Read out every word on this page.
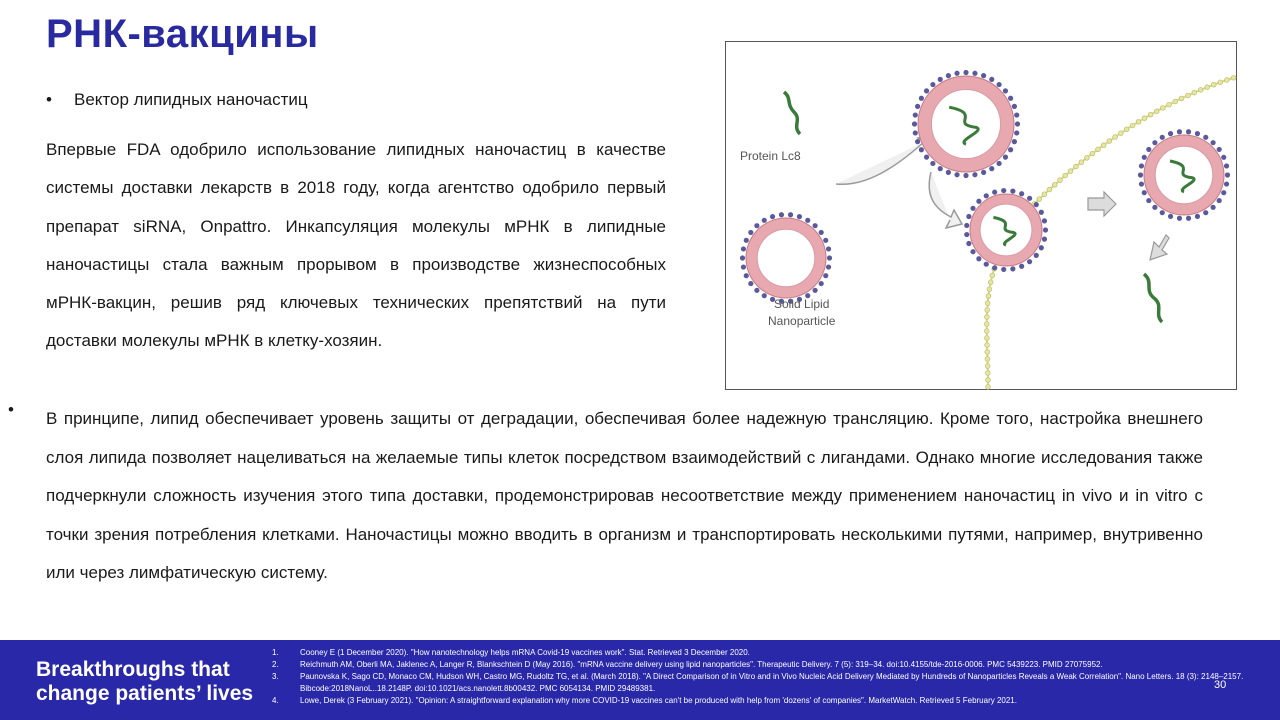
РНК-вакцины
• Вектор липидных наночастиц
Впервые FDA одобрило использование липидных наночастиц в качестве системы доставки лекарств в 2018 году, когда агентство одобрило первый препарат siRNA, Onpattro. Инкапсуляция молекулы мРНК в липидные наночастицы стала важным прорывом в производстве жизнеспособных мРНК-вакцин, решив ряд ключевых технических препятствий на пути доставки молекулы мРНК в клетку-хозяин.
Protein Lc8
Solid Lipid
Nanoparticle
• В принципе, липид обеспечивает уровень защиты от деградации, обеспечивая более надежную трансляцию. Кроме того, настройка внешнего слоя липида позволяет нацеливаться на желаемые типы клеток посредством взаимодействий с лигандами. Однако многие исследования также подчеркнули сложность изучения этого типа доставки, продемонстрировав несоответствие между применением наночастиц in vivo и in vitro с точки зрения потребления клетками. Наночастицы можно вводить в организм и транспортировать несколькими путями, например, внутривенно или через лимфатическую систему.
Breakthroughs that
change patients’ lives
1.	Cooney E (1 December 2020). "How nanotechnology helps mRNA Covid-19 vaccines work". Stat. Retrieved 3 December 2020.
2.	Reichmuth AM, Oberli MA, Jaklenec A, Langer R, Blankschtein D (May 2016). "mRNA vaccine delivery using lipid nanoparticles". Therapeutic Delivery. 7 (5): 319–34. doi:10.4155/tde-2016-0006. PMC 5439223. PMID 27075952.
3.	Paunovska K, Sago CD, Monaco CM, Hudson WH, Castro MG, Rudoltz TG, et al. (March 2018). "A Direct Comparison of in Vitro and in Vivo Nucleic Acid Delivery Mediated by Hundreds of Nanoparticles Reveals a Weak Correlation". Nano Letters. 18 (3): 2148–2157. Bibcode:2018NanoL..18.2148P. doi:10.1021/acs.nanolett.8b00432. PMC 6054134. PMID 29489381.
4.	Lowe, Derek (3 February 2021). "Opinion: A straightforward explanation why more COVID-19 vaccines can't be produced with help from 'dozens' of companies". MarketWatch. Retrieved 5 February 2021.
30
